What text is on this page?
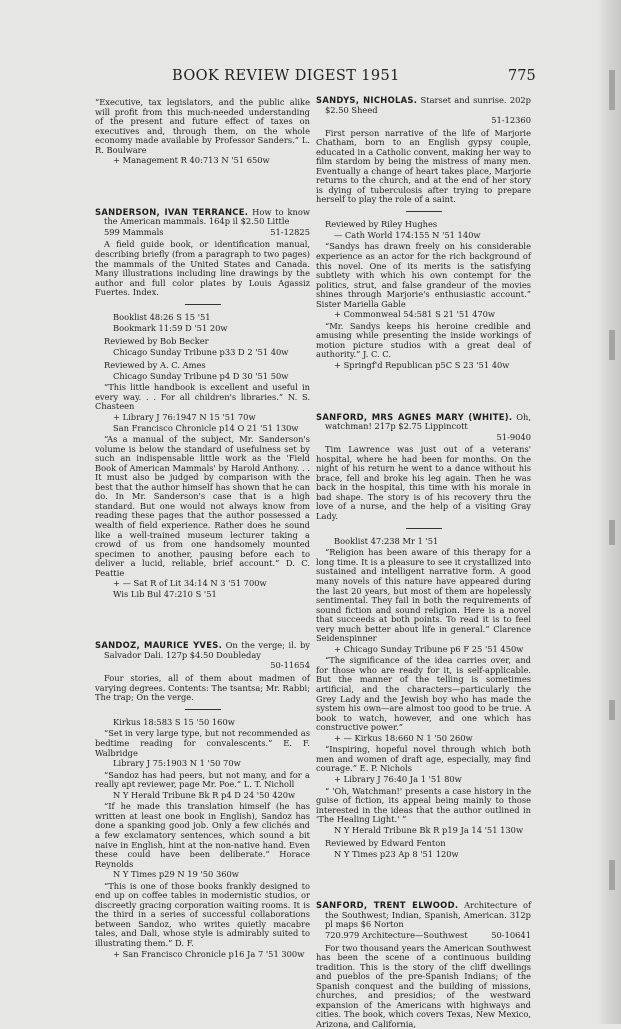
BOOK REVIEW DIGEST 1951	775
“Executive, tax legislators, and the public alike will profit from this much-needed understanding of the present and future effect of taxes on executives and, through them, on the whole economy made available by Professor Sanders.” L. R. Boulware
+ Management R 40:713 N '51 650w
SANDERSON, IVAN TERRANCE. How to know the American mammals. 164p il $2.50 Little
599 Mammals	51-12825
A field guide book, or identification manual, describing briefly (from a paragraph to two pages) the mammals of the United States and Canada. Many illustrations including line drawings by the author and full color plates by Louis Agassiz Fuertes. Index.
Booklist 48:26 S 15 '51
Bookmark 11:59 D '51 20w
Reviewed by Bob Becker
Chicago Sunday Tribune p33 D 2 '51 40w
Reviewed by A. C. Ames
Chicago Sunday Tribune p4 D 30 '51 50w
“This little handbook is excellent and useful in every way. . . For all children's libraries.” N. S. Chasteen
+ Library J 76:1947 N 15 '51 70w
San Francisco Chronicle p14 O 21 '51 130w
“As a manual of the subject, Mr. Sanderson's volume is below the standard of usefulness set by such an indispensable little work as the 'Field Book of American Mammals' by Harold Anthony. . . It must also be judged by comparison with the best that the author himself has shown that he can do. In Mr. Sanderson's case that is a high standard. But one would not always know from reading these pages that the author possessed a wealth of field experience. Rather does he sound like a well-trained museum lecturer taking a crowd of us from one handsomely mounted specimen to another, pausing before each to deliver a lucid, reliable, brief account.” D. C. Peattie
+ — Sat R of Lit 34:14 N 3 '51 700w
Wis Lib Bul 47:210 S '51
SANDOZ, MAURICE YVES. On the verge; il. by Salvador Dali. 127p $4.50 Doubleday
50-11654
Four stories, all of them about madmen of varying degrees. Contents: The tsantsa; Mr. Rabbi; The trap; On the verge.
Kirkus 18:583 S 15 '50 160w
“Set in very large type, but not recommended as bedtime reading for convalescents.” E. F. Walbridge
Library J 75:1903 N 1 '50 70w
“Sandoz has had peers, but not many, and for a really apt reviewer, page Mr. Poe.” L. T. Nicholl
N Y Herald Tribune Bk R p4 D 24 '50 420w
“If he made this translation himself (he has written at least one book in English), Sandoz has done a spanking good job. Only a few clichés and a few exclamatory sentences, which sound a bit naive in English, hint at the non-native hand. Even these could have been deliberate.” Horace Reynolds
N Y Times p29 N 19 '50 360w
“This is one of those books frankly designed to end up on coffee tables in modernistic studios, or discreetly gracing corporation waiting rooms. It is the third in a series of successful collaborations between Sandoz, who writes quietly macabre tales, and Dali, whose style is admirably suited to illustrating them.” D. F.
+ San Francisco Chronicle p16 Ja 7 '51 300w
SANDYS, NICHOLAS. Starset and sunrise. 202p $2.50 Sheed
51-12360
First person narrative of the life of Marjorie Chatham, born to an English gypsy couple, educated in a Catholic convent, making her way to film stardom by being the mistress of many men. Eventually a change of heart takes place, Marjorie returns to the church, and at the end of her story is dying of tuberculosis after trying to prepare herself to play the role of a saint.
Reviewed by Riley Hughes
— Cath World 174:155 N '51 140w
“Sandys has drawn freely on his considerable experience as an actor for the rich background of this novel. One of its merits is the satisfying subtlety with which his own contempt for the politics, strut, and false grandeur of the movies shines through Marjorie's enthusiastic account.” Sister Mariella Gable
+ Commonweal 54:581 S 21 '51 470w
“Mr. Sandys keeps his heroine credible and amusing while presenting the inside workings of motion picture studios with a great deal of authority.” J. C. C.
+ Springf'd Republican p5C S 23 '51 40w
SANFORD, MRS AGNES MARY (WHITE). Oh, watchman! 217p $2.75 Lippincott
51-9040
Tim Lawrence was just out of a veterans' hospital, where he had been for months. On the night of his return he went to a dance without his brace, fell and broke his leg again. Then he was back in the hospital, this time with his morale in bad shape. The story is of his recovery thru the love of a nurse, and the help of a visiting Gray Lady.
Booklist 47:238 Mr 1 '51
“Religion has been aware of this therapy for a long time. It is a pleasure to see it crystallized into sustained and intelligent narrative form. A good many novels of this nature have appeared during the last 20 years, but most of them are hopelessly sentimental. They fail in both the requirements of sound fiction and sound religion. Here is a novel that succeeds at both points. To read it is to feel very much better about life in general.” Clarence Seidenspinner
+ Chicago Sunday Tribune p6 F 25 '51 450w
“The significance of the idea carries over, and for those who are ready for it, is self-applicable. But the manner of the telling is sometimes artificial, and the characters—particularly the Grey Lady and the Jewish boy who has made the system his own—are almost too good to be true. A book to watch, however, and one which has constructive power.”
+ — Kirkus 18:660 N 1 '50 260w
“Inspiring, hopeful novel through which both men and women of draft age, especially, may find courage.” E. P. Nichols
+ Library J 76:40 Ja 1 '51 80w
“ 'Oh, Watchman!' presents a case history in the guise of fiction, its appeal being mainly to those interested in the ideas that the author outlined in 'The Healing Light.' ”
N Y Herald Tribune Bk R p19 Ja 14 '51 130w
Reviewed by Edward Fenton
N Y Times p23 Ap 8 '51 120w
SANFORD, TRENT ELWOOD. Architecture of the Southwest; Indian, Spanish, American. 312p pl maps $6 Norton
720.979 Architecture—Southwest	50-10641
For two thousand years the American Southwest has been the scene of a continuous building tradition. This is the story of the cliff dwellings and pueblos of the pre-Spanish Indians; of the Spanish conquest and the building of missions, churches, and presidios; of the westward expansion of the Americans with highways and cities. The book, which covers Texas, New Mexico, Arizona, and California,
